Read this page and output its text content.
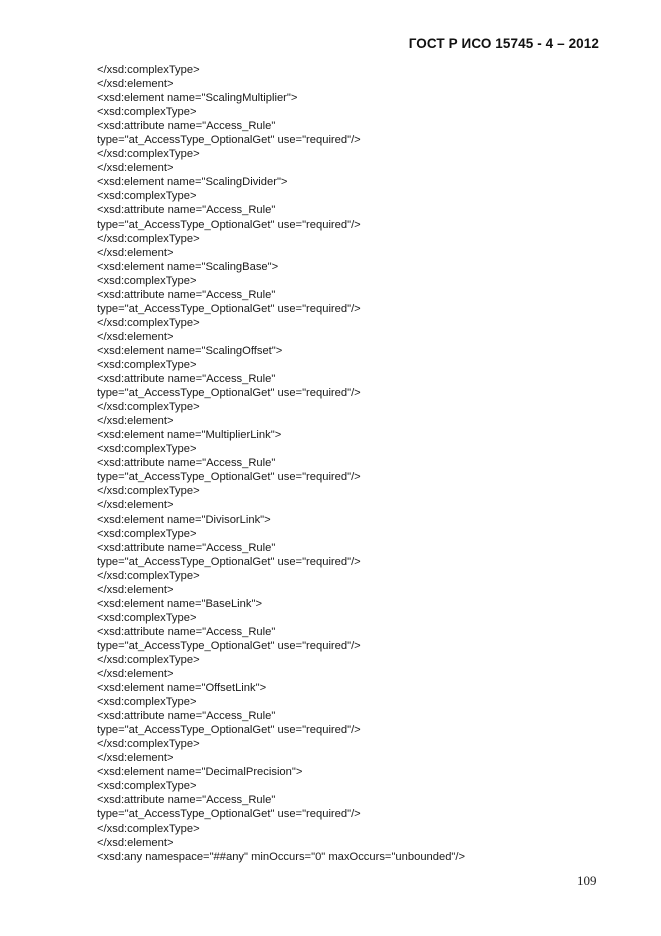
ГОСТ Р ИСО 15745 - 4 – 2012
</xsd:complexType>
</xsd:element>
<xsd:element name="ScalingMultiplier">
<xsd:complexType>
<xsd:attribute name="Access_Rule"
type="at_AccessType_OptionalGet" use="required"/>
</xsd:complexType>
</xsd:element>
<xsd:element name="ScalingDivider">
<xsd:complexType>
<xsd:attribute name="Access_Rule"
type="at_AccessType_OptionalGet" use="required"/>
</xsd:complexType>
</xsd:element>
<xsd:element name="ScalingBase">
<xsd:complexType>
<xsd:attribute name="Access_Rule"
type="at_AccessType_OptionalGet" use="required"/>
</xsd:complexType>
</xsd:element>
<xsd:element name="ScalingOffset">
<xsd:complexType>
<xsd:attribute name="Access_Rule"
type="at_AccessType_OptionalGet" use="required"/>
</xsd:complexType>
</xsd:element>
<xsd:element name="MultiplierLink">
<xsd:complexType>
<xsd:attribute name="Access_Rule"
type="at_AccessType_OptionalGet" use="required"/>
</xsd:complexType>
</xsd:element>
<xsd:element name="DivisorLink">
<xsd:complexType>
<xsd:attribute name="Access_Rule"
type="at_AccessType_OptionalGet" use="required"/>
</xsd:complexType>
</xsd:element>
<xsd:element name="BaseLink">
<xsd:complexType>
<xsd:attribute name="Access_Rule"
type="at_AccessType_OptionalGet" use="required"/>
</xsd:complexType>
</xsd:element>
<xsd:element name="OffsetLink">
<xsd:complexType>
<xsd:attribute name="Access_Rule"
type="at_AccessType_OptionalGet" use="required"/>
</xsd:complexType>
</xsd:element>
<xsd:element name="DecimalPrecision">
<xsd:complexType>
<xsd:attribute name="Access_Rule"
type="at_AccessType_OptionalGet" use="required"/>
</xsd:complexType>
</xsd:element>
<xsd:any namespace="##any" minOccurs="0" maxOccurs="unbounded"/>
109
